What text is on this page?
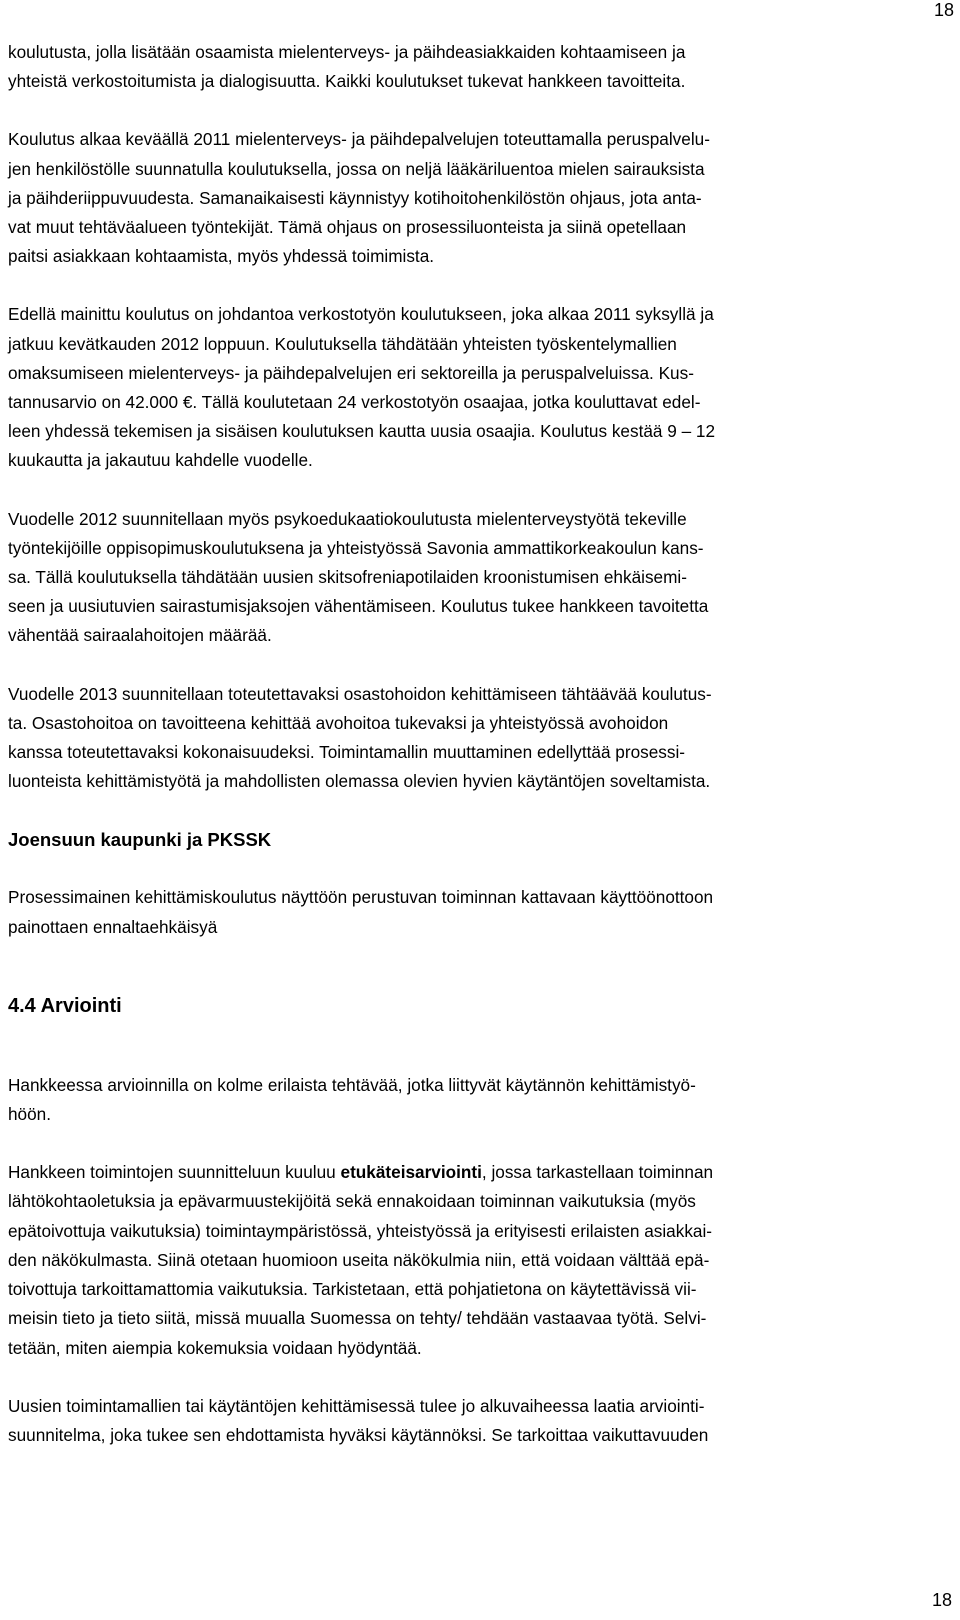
18
koulutusta, jolla lisätään osaamista mielenterveys- ja päihdeasiakkaiden kohtaamiseen ja
yhteistä verkostoitumista ja dialogisuutta. Kaikki koulutukset tukevat hankkeen tavoitteita.
Koulutus alkaa keväällä 2011 mielenterveys- ja päihdepalvelujen toteuttamalla peruspalvelu-
jen henkilöstölle suunnatulla koulutuksella, jossa on neljä lääkäriluentoa mielen sairauksista
ja päihderiippuvuudesta. Samanaikaisesti käynnistyy kotihoitohenkilöstön ohjaus, jota anta-
vat muut tehtäväalueen työntekijät. Tämä ohjaus on prosessiluonteista ja siinä opetellaan
paitsi asiakkaan kohtaamista, myös yhdessä toimimista.
Edellä mainittu koulutus on johdantoa verkostotyön koulutukseen, joka alkaa 2011 syksyllä ja
jatkuu kevätkauden 2012 loppuun. Koulutuksella tähdätään yhteisten työskentelymallien
omaksumiseen mielenterveys- ja päihdepalvelujen eri sektoreilla ja peruspalveluissa. Kus-
tannusarvio on 42.000 €. Tällä koulutetaan 24 verkostotyön osaajaa, jotka kouluttavat edel-
leen yhdessä tekemisen ja sisäisen koulutuksen kautta uusia osaajia. Koulutus kestää 9 – 12
kuukautta ja jakautuu kahdelle vuodelle.
Vuodelle 2012 suunnitellaan myös psykoedukaatiokoulutusta mielenterveystyötä tekeville
työntekijöille oppisopimuskoulutuksena ja yhteistyössä Savonia ammattikorkeakoulun kans-
sa. Tällä koulutuksella tähdätään uusien skitsofreniapotilaiden kroonistumisen ehkäisemi-
seen ja uusiutuvien sairastumisjaksojen vähentämiseen. Koulutus tukee hankkeen tavoitetta
vähentää sairaalahoitojen määrää.
Vuodelle 2013 suunnitellaan toteutettavaksi osastohoidon kehittämiseen tähtäävää koulutus-
ta. Osastohoitoa on tavoitteena kehittää avohoitoa tukevaksi ja yhteistyössä avohoidon
kanssa toteutettavaksi kokonaisuudeksi. Toimintamallin muuttaminen edellyttää prosessi-
luonteista kehittämistyötä ja mahdollisten olemassa olevien hyvien käytäntöjen soveltamista.
Joensuun kaupunki ja PKSSK
Prosessimainen kehittämiskoulutus näyttöön perustuvan toiminnan kattavaan käyttöönottoon
painottaen ennaltaehkäisyä
4.4 Arviointi
Hankkeessa arvioinnilla on kolme erilaista tehtävää, jotka liittyvät käytännön kehittämistyö-
höön.
Hankkeen toimintojen suunnitteluun kuuluu etukäteisarviointi, jossa tarkastellaan toiminnan
lähtökohtaoletuksia ja epävarmuustekijöitä sekä ennakoidaan toiminnan vaikutuksia (myös
epätoivottuja vaikutuksia) toimintaympäristössä, yhteistyössä ja erityisesti erilaisten asiakkai-
den näkökulmasta. Siinä otetaan huomioon useita näkökulmia niin, että voidaan välttää epä-
toivottuja tarkoittamattomia vaikutuksia. Tarkistetaan, että pohjatietona on käytettävissä vii-
meisin tieto ja tieto siitä, missä muualla Suomessa on tehty/ tehdään vastaavaa työtä. Selvi-
tetään, miten aiempia kokemuksia voidaan hyödyntää.
Uusien toimintamallien tai käytäntöjen kehittämisessä tulee jo alkuvaiheessa laatia arviointi-
suunnitelma, joka tukee sen ehdottamista hyväksi käytännöksi. Se tarkoittaa vaikuttavuuden
18
